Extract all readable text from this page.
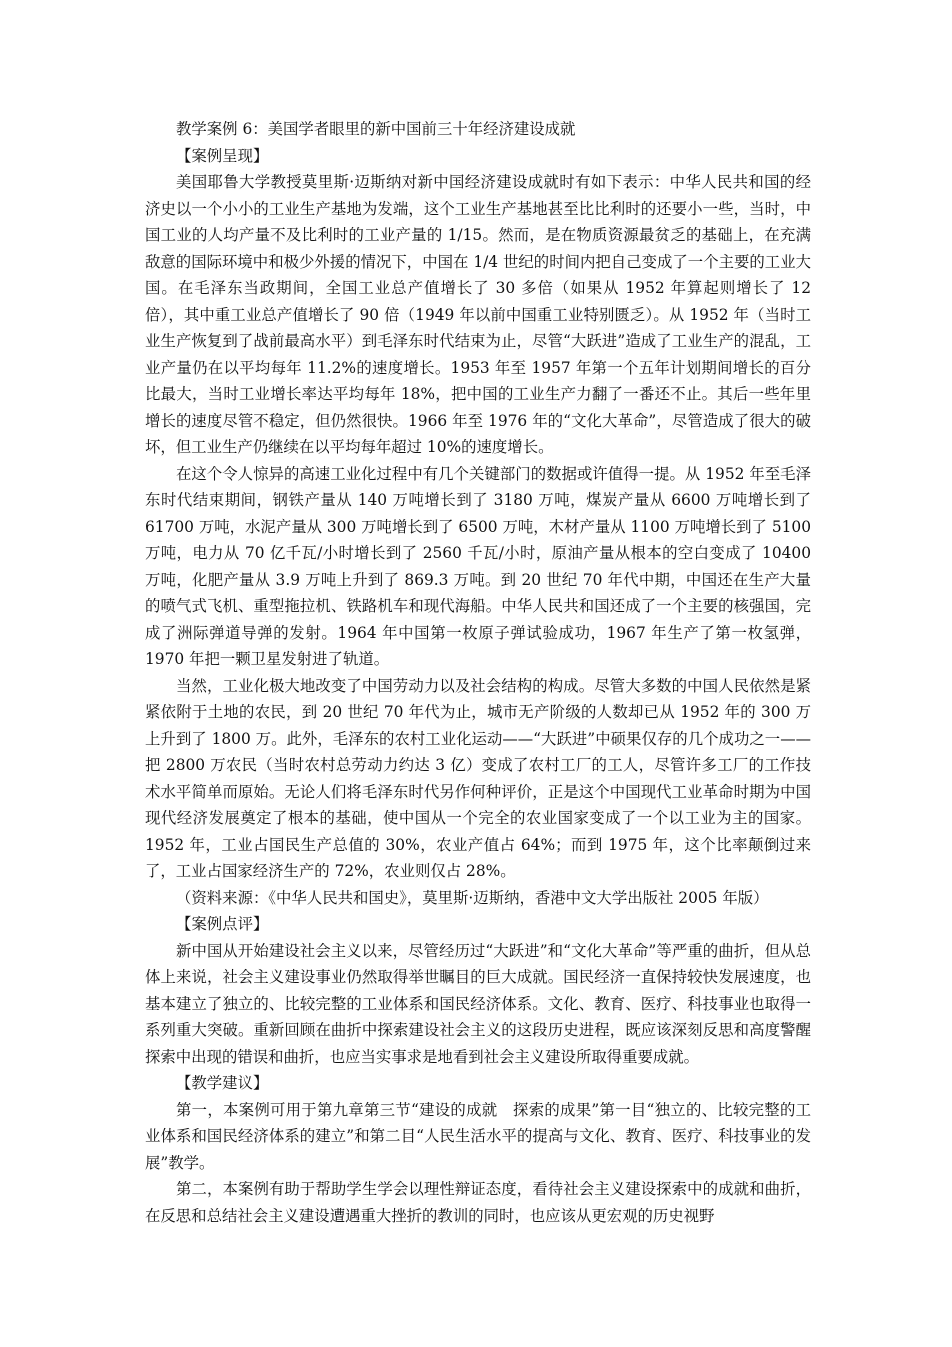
教学案例 6：美国学者眼里的新中国前三十年经济建设成就

【案例呈现】

美国耶鲁大学教授莫里斯·迈斯纳对新中国经济建设成就时有如下表示：中华人民共和国的经济史以一个小小的工业生产基地为发端，这个工业生产基地甚至比比利时的还要小一些，当时，中国工业的人均产量不及比利时的工业产量的 1/15。然而，是在物质资源最贫乏的基础上，在充满敌意的国际环境中和极少外援的情况下，中国在 1/4 世纪的时间内把自己变成了一个主要的工业大国。在毛泽东当政期间，全国工业总产值增长了 30 多倍（如果从 1952 年算起则增长了 12 倍），其中重工业总产值增长了 90 倍（1949 年以前中国重工业特别匮乏）。从 1952 年（当时工业生产恢复到了战前最高水平）到毛泽东时代结束为止，尽管“大跃进”造成了工业生产的混乱，工业产量仍在以平均每年 11.2%的速度增长。1953 年至 1957 年第一个五年计划期间增长的百分比最大，当时工业增长率达平均每年 18%，把中国的工业生产力翻了一番还不止。其后一些年里增长的速度尽管不稳定，但仍然很快。1966 年至 1976 年的“文化大革命”，尽管造成了很大的破坏，但工业生产仍继续在以平均每年超过 10%的速度增长。

在这个令人惊异的高速工业化过程中有几个关键部门的数据或许值得一提。从 1952 年至毛泽东时代结束期间，钢铁产量从 140 万吨增长到了 3180 万吨，煤炭产量从 6600 万吨增长到了 61700 万吨，水泥产量从 300 万吨增长到了 6500 万吨，木材产量从 1100 万吨增长到了 5100 万吨，电力从 70 亿千瓦/小时增长到了 2560 千瓦/小时，原油产量从根本的空白变成了 10400 万吨，化肥产量从 3.9 万吨上升到了 869.3 万吨。到 20 世纪 70 年代中期，中国还在生产大量的喷气式飞机、重型拖拉机、铁路机车和现代海船。中华人民共和国还成了一个主要的核强国，完成了洲际弹道导弹的发射。1964 年中国第一枚原子弹试验成功，1967 年生产了第一枚氢弹，1970 年把一颗卫星发射进了轨道。

当然，工业化极大地改变了中国劳动力以及社会结构的构成。尽管大多数的中国人民依然是紧紧依附于土地的农民，到 20 世纪 70 年代为止，城市无产阶级的人数却已从 1952 年的 300 万上升到了 1800 万。此外，毛泽东的农村工业化运动——“大跃进”中硕果仅存的几个成功之一——把 2800 万农民（当时农村总劳动力约达 3 亿）变成了农村工厂的工人，尽管许多工厂的工作技术水平简单而原始。无论人们将毛泽东时代另作何种评价，正是这个中国现代工业革命时期为中国现代经济发展奠定了根本的基础，使中国从一个完全的农业国家变成了一个以工业为主的国家。1952 年，工业占国民生产总值的 30%，农业产值占 64%；而到 1975 年，这个比率颠倒过来了，工业占国家经济生产的 72%，农业则仅占 28%。

（资料来源：《中华人民共和国史》，莫里斯·迈斯纳，香港中文大学出版社 2005 年版）

【案例点评】

新中国从开始建设社会主义以来，尽管经历过“大跃进”和“文化大革命”等严重的曲折，但从总体上来说，社会主义建设事业仍然取得举世瞩目的巨大成就。国民经济一直保持较快发展速度，也基本建立了独立的、比较完整的工业体系和国民经济体系。文化、教育、医疗、科技事业也取得一系列重大突破。重新回顾在曲折中探索建设社会主义的这段历史进程，既应该深刻反思和高度警醒探索中出现的错误和曲折，也应当实事求是地看到社会主义建设所取得重要成就。

【教学建议】

第一，本案例可用于第九章第三节“建设的成就　探索的成果”第一目“独立的、比较完整的工业体系和国民经济体系的建立”和第二目“人民生活水平的提高与文化、教育、医疗、科技事业的发展”教学。

第二，本案例有助于帮助学生学会以理性辩证态度，看待社会主义建设探索中的成就和曲折，在反思和总结社会主义建设遭遇重大挫折的教训的同时，也应该从更宏观的历史视野
